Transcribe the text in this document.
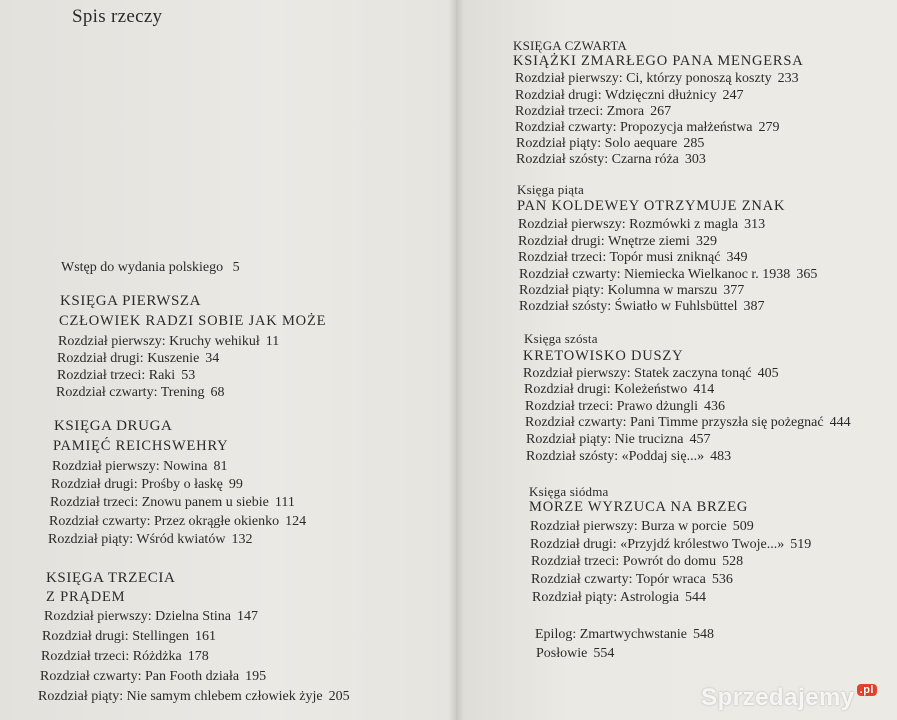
Spis rzeczy
Wstęp do wydania polskiego 5
KSIĘGA PIERWSZA
CZŁOWIEK RADZI SOBIE JAK MOŻE
Rozdział pierwszy: Kruchy wehikuł 11
Rozdział drugi: Kuszenie 34
Rozdział trzeci: Raki 53
Rozdział czwarty: Trening 68
KSIĘGA DRUGA
PAMIĘĆ REICHSWEHRY
Rozdział pierwszy: Nowina 81
Rozdział drugi: Prośby o łaskę 99
Rozdział trzeci: Znowu panem u siebie 111
Rozdział czwarty: Przez okrągłe okienko 124
Rozdział piąty: Wśród kwiatów 132
KSIĘGA TRZECIA
Z PRĄDEM
Rozdział pierwszy: Dzielna Stina 147
Rozdział drugi: Stellingen 161
Rozdział trzeci: Różdżka 178
Rozdział czwarty: Pan Footh działa 195
Rozdział piąty: Nie samym chlebem człowiek żyje 205
KSIĘGA CZWARTA
KSIĄŻKI ZMARŁEGO PANA MENGERSA
Rozdział pierwszy: Ci, którzy ponoszą koszty 233
Rozdział drugi: Wdzięczni dłużnicy 247
Rozdział trzeci: Zmora 267
Rozdział czwarty: Propozycja małżeństwa 279
Rozdział piąty: Solo aequare 285
Rozdział szósty: Czarna róża 303
Księga piąta
PAN KOLDEWEY OTRZYMUJE ZNAK
Rozdział pierwszy: Rozmówki z magla 313
Rozdział drugi: Wnętrze ziemi 329
Rozdział trzeci: Topór musi zniknąć 349
Rozdział czwarty: Niemiecka Wielkanoc r. 1938 365
Rozdział piąty: Kolumna w marszu 377
Rozdział szósty: Światło w Fuhlsbüttel 387
Księga szósta
KRETOWISKO DUSZY
Rozdział pierwszy: Statek zaczyna tonąć 405
Rozdział drugi: Koleżeństwo 414
Rozdział trzeci: Prawo dżungli 436
Rozdział czwarty: Pani Timme przyszła się pożegnać 444
Rozdział piąty: Nie trucizna 457
Rozdział szósty: «Poddaj się...» 483
Księga siódma
MORZE WYRZUCA NA BRZEG
Rozdział pierwszy: Burza w porcie 509
Rozdział drugi: «Przyjdź królestwo Twoje...» 519
Rozdział trzeci: Powrót do domu 528
Rozdział czwarty: Topór wraca 536
Rozdział piąty: Astrologia 544
Epilog: Zmartwychwstanie 548
Posłowie 554
Sprzedajemy .pl
